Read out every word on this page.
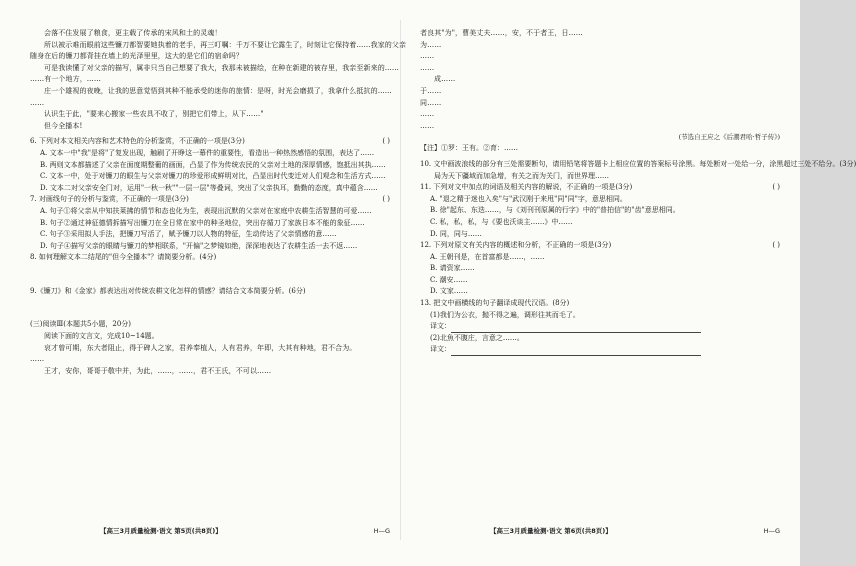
会落不住发展了粮食，更主载了传承的宋风和土的灵魂！

所以被示难而眼前这些镰刀都智要她执着的老手，再三叮嘱：千万不要让它露生了，时刻让它保持着……我家的父亲

随身在后的镰刀都背挂在墙上的光泽里里，这大的是它们的宿命吗？

可是我读懂了对父亲的描写，属非只当自己想要了我大，我那未被描绘，在种在新建的被存里，我亲至新来的……

……有一个地方，……

庄一个雄视的夜晚，让我的思意觉悟到其种不能承受的迷你的旅情：是呀，时光会磨损了，我拿什么抵抗的……

……

认识生于此，"要来心搬家一些农具不收了，别把它们带上，从下……"

但今全播本!

6. 下列对本文相关内容和艺术特色的分析鉴赏，不正确的一项是(3分)	( )
A. 文本一中"我"是将"了复发出现，触刷了开睁这一幕件的重要性，看造出一种热然感悟的氛围，表达了……
B. 两则文本都描述了父亲在面度期整葡的画面，凸显了作为传统农民的父亲对土地的深厚情感，饱抵出其执……
C. 文本一中，处于对镰刀的眼生与父亲对镰刀的珍爱形成鲜明对比，凸显出时代变迁对人们观念和生活方式……
D. 文本二对父亲安全门对，运用"一秋一秋""一层一层"等叠词，突出了父亲执耳，勤勤的态度，真中蕴含……
7. 对画线句子的分析与鉴赏，不正确的一项是(3分)	( )
A. 句子①将父亲从中知扶莱拂的情节和态也化为生，表现出沉默的父亲对在家庭中农耕生活智慧的可爱……
B. 句子②通过神征德情拆描写出镰刀在全日常在家中的种圣地位，突出存循刀了家族日本不能的象征……
C. 句子③采用拟人手法，把镰刀写活了，赋予镰刀以人物的特征，生动传达了父亲情感的意……
D. 句子④描写父亲的眼睛与镰刀的梦相联系，"开偏"之梦镜如绝，深深地表达了农耕生活一去不返……
8. 如何理解文本二结尾的"但今全播本"？请简要分析。(4分)
9.《镰刀》和《金家》都表达出对传统农耕文化怎样的情感？请结合文本简要分析。(6分)
(三)阅读Ⅲ(本题共5小题，20分)
阅读下面的文言文，完成10~14题。

哀才曾可期，东大者阻止，得于碑人之家，君养奉植人，人有君养，年即，大其有种地，君不合为。

……

王才，安你，哥哥于敬中并，为此，……，……，君不王氏，不可以……

【高三3月质量检测·语文 第5页(共8页)】	H—G

者良其"为"，曹美丈夫……，安，不于者王，日……

为……

……

……

成……

于……

同……

……

……

(节选自王应之《后潮君哈·哲子传》)
【注】①罗：王有。②育：……
10. 文中画波浪线的部分有三处需要断句，请用铅笔将答题卡上相应位置的答案标号涂黑。每处断对一处给一分，涂黑超过三处不给分。(3分)
局为天下疆域而加急增，有关之而为关门，而世界理……
11. 下列对文中加点的词语及相关内容的解说，不正确的一项是(3分)	( )
A. "退之精于迷也入矣"与"武汉刚于来甩"同"同"字，意思相同。
B. 徐"起东、东迭……，与《刘刊刊原属的行字》中的"普拍信"的"齿"意思相同。
C. 私，私，私，与《要也沃谈主……》中……
D. 同，同与……
12. 下列对原文有关内容的概述和分析，不正确的一项是(3分)	( )
A. 王朝刊是，在首富都是……，……
B. 请资家……
C. 潮安……
D. 文家……
13. 把文中画横线的句子翻译成现代汉语。(8分)
(1)我们为公衣，抛不得之遍，调形往其而毛了。
译文：
(2)北魚不腹庄，言意之……。
译文：
【高三3月质量检测·语文 第6页(共8页)】	H—G
